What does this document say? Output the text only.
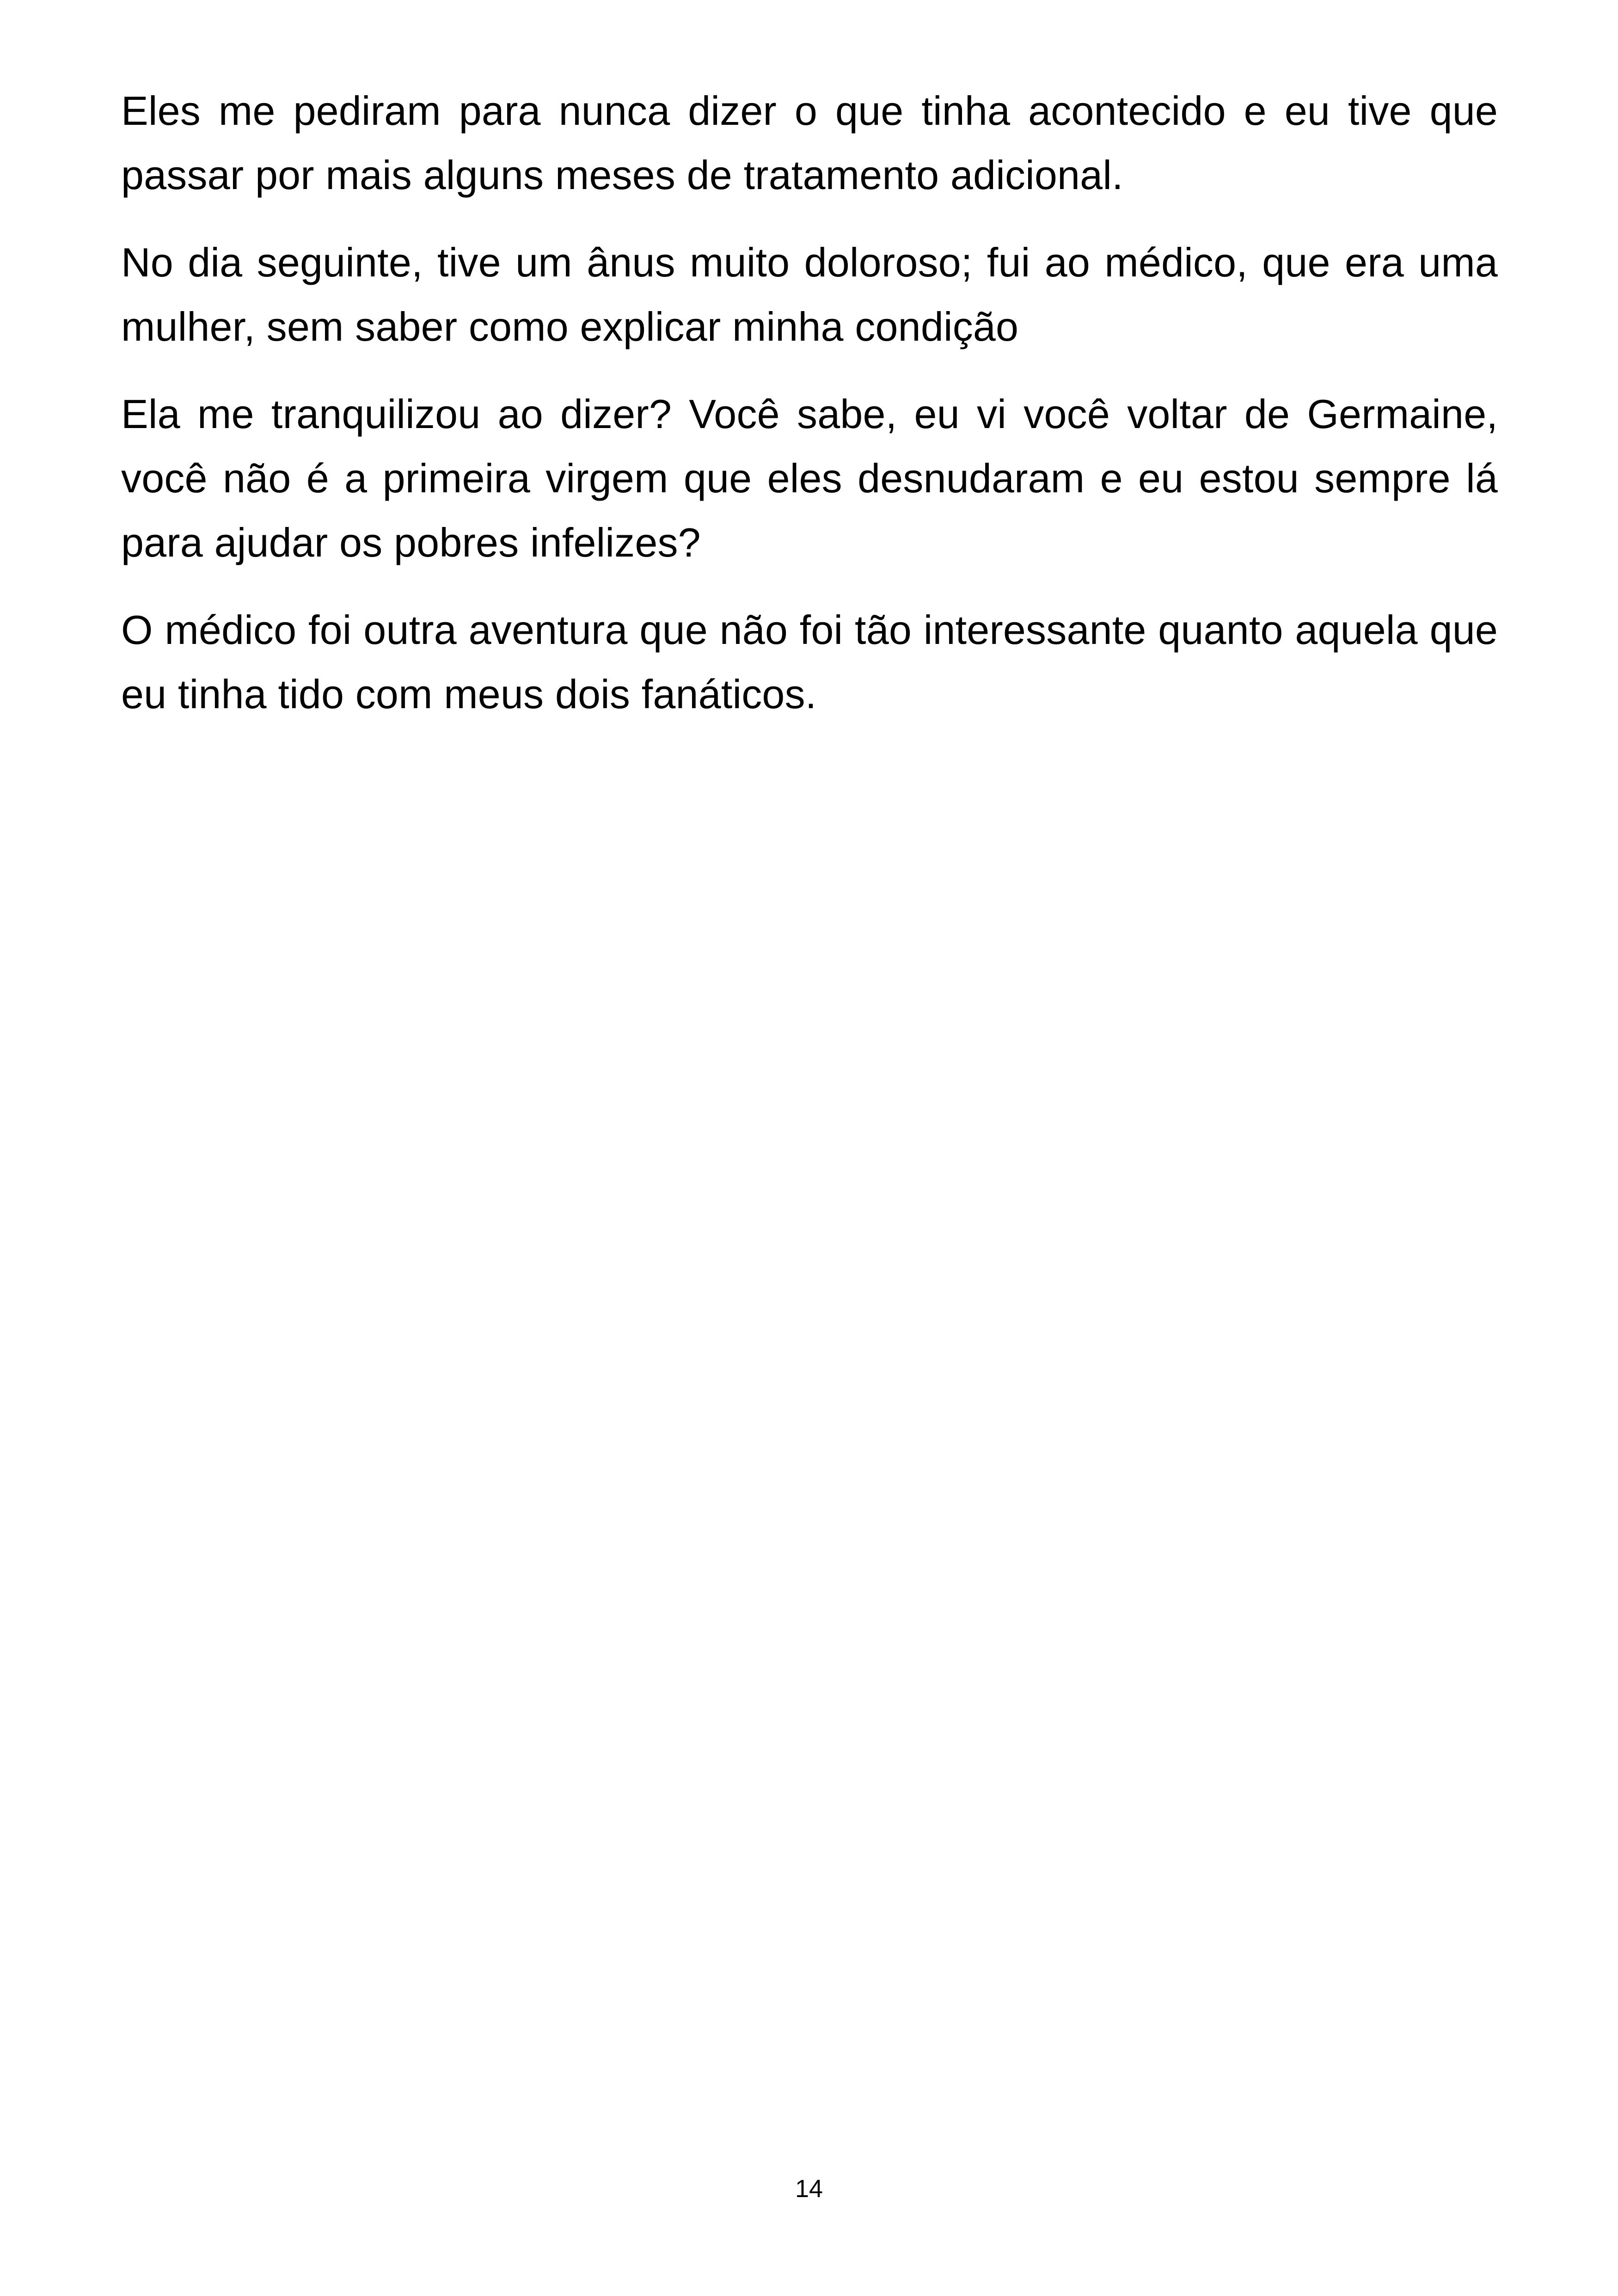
Eles me pediram para nunca dizer o que tinha acontecido e eu tive que passar por mais alguns meses de tratamento adicional.

No dia seguinte, tive um ânus muito doloroso; fui ao médico, que era uma mulher, sem saber como explicar minha condição

Ela me tranquilizou ao dizer? Você sabe, eu vi você voltar de Germaine, você não é a primeira virgem que eles desnudaram e eu estou sempre lá para ajudar os pobres infelizes?

O médico foi outra aventura que não foi tão interessante quanto aquela que eu tinha tido com meus dois fanáticos.

14
